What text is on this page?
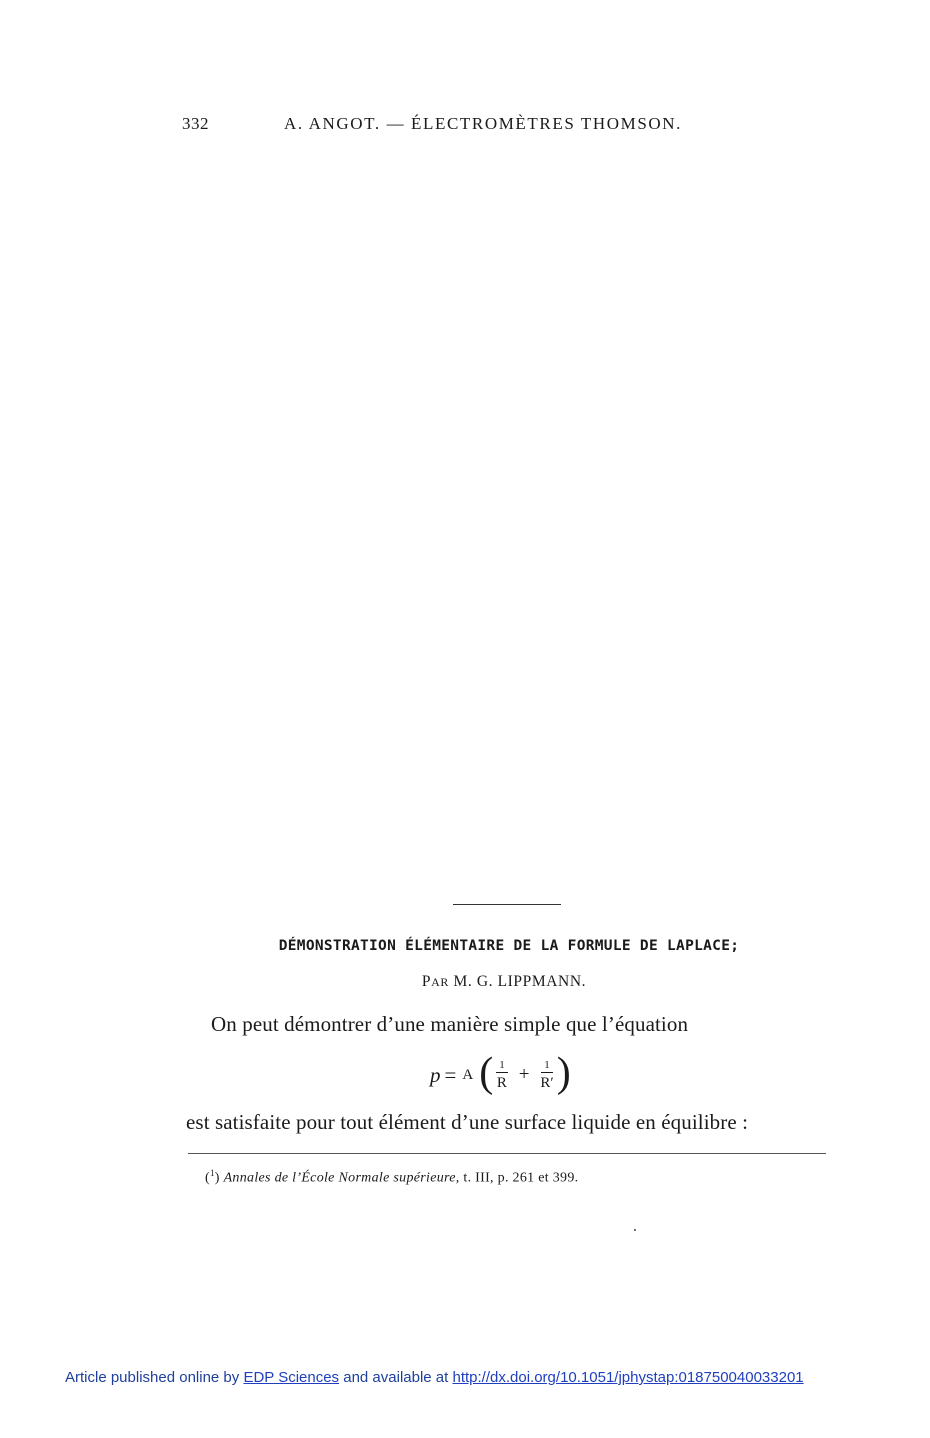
332	A. ANGOT. — ÉLECTROMÈTRES THOMSON.
DÉMONSTRATION ÉLÉMENTAIRE DE LA FORMULE DE LAPLACE;
PAR M. G. LIPPMANN.
On peut démontrer d’une manière simple que l’équation
p = A ( $\frac{1}{R} + \frac{1}{R'}$ )
est satisfaite pour tout élément d’une surface liquide en équilibre :
($^1$) Annales de l’École Normale supérieure, t. III, p. 261 et 399.
Article published online by EDP Sciences and available at http://dx.doi.org/10.1051/jphystap:018750040033201
